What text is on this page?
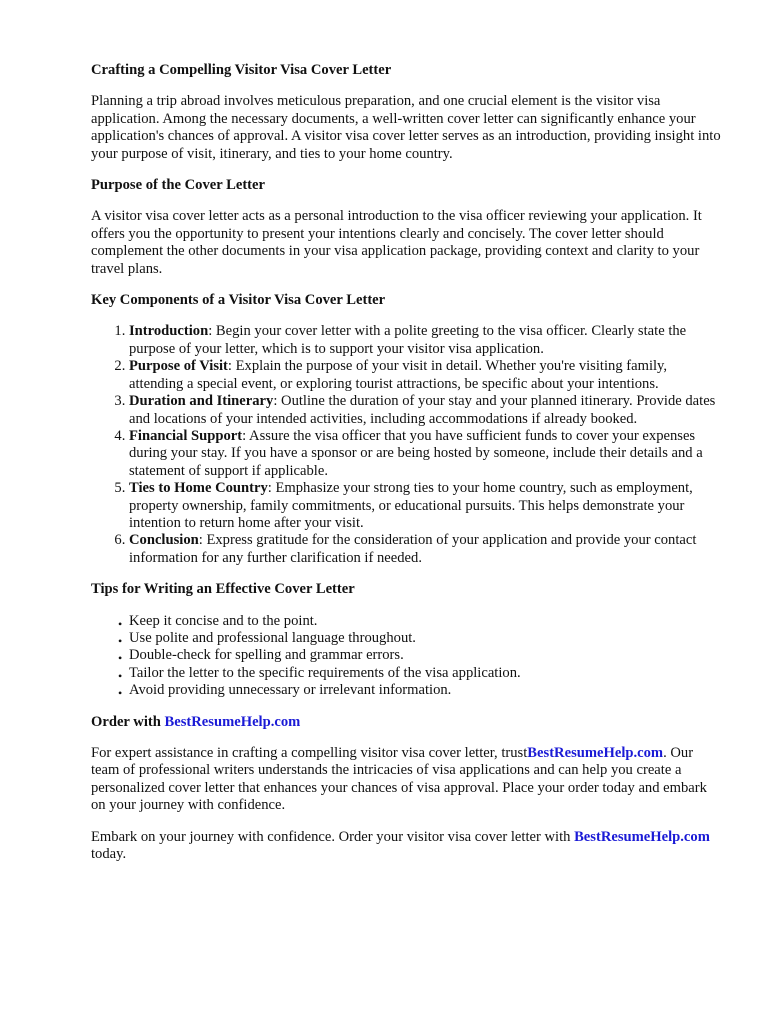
Crafting a Compelling Visitor Visa Cover Letter

Planning a trip abroad involves meticulous preparation, and one crucial element is the visitor visa application. Among the necessary documents, a well-written cover letter can significantly enhance your application's chances of approval. A visitor visa cover letter serves as an introduction, providing insight into your purpose of visit, itinerary, and ties to your home country.

Purpose of the Cover Letter

A visitor visa cover letter acts as a personal introduction to the visa officer reviewing your application. It offers you the opportunity to present your intentions clearly and concisely. The cover letter should complement the other documents in your visa application package, providing context and clarity to your travel plans.

Key Components of a Visitor Visa Cover Letter
1. Introduction: Begin your cover letter with a polite greeting to the visa officer. Clearly state the purpose of your letter, which is to support your visitor visa application.
2. Purpose of Visit: Explain the purpose of your visit in detail. Whether you're visiting family, attending a special event, or exploring tourist attractions, be specific about your intentions.
3. Duration and Itinerary: Outline the duration of your stay and your planned itinerary. Provide dates and locations of your intended activities, including accommodations if already booked.
4. Financial Support: Assure the visa officer that you have sufficient funds to cover your expenses during your stay. If you have a sponsor or are being hosted by someone, include their details and a statement of support if applicable.
5. Ties to Home Country: Emphasize your strong ties to your home country, such as employment, property ownership, family commitments, or educational pursuits. This helps demonstrate your intention to return home after your visit.
6. Conclusion: Express gratitude for the consideration of your application and provide your contact information for any further clarification if needed.
Tips for Writing an Effective Cover Letter
• Keep it concise and to the point.
• Use polite and professional language throughout.
• Double-check for spelling and grammar errors.
• Tailor the letter to the specific requirements of the visa application.
• Avoid providing unnecessary or irrelevant information.
Order with BestResumeHelp.com

For expert assistance in crafting a compelling visitor visa cover letter, trustBestResumeHelp.com. Our team of professional writers understands the intricacies of visa applications and can help you create a personalized cover letter that enhances your chances of visa approval. Place your order today and embark on your journey with confidence.

Embark on your journey with confidence. Order your visitor visa cover letter with BestResumeHelp.com today.
